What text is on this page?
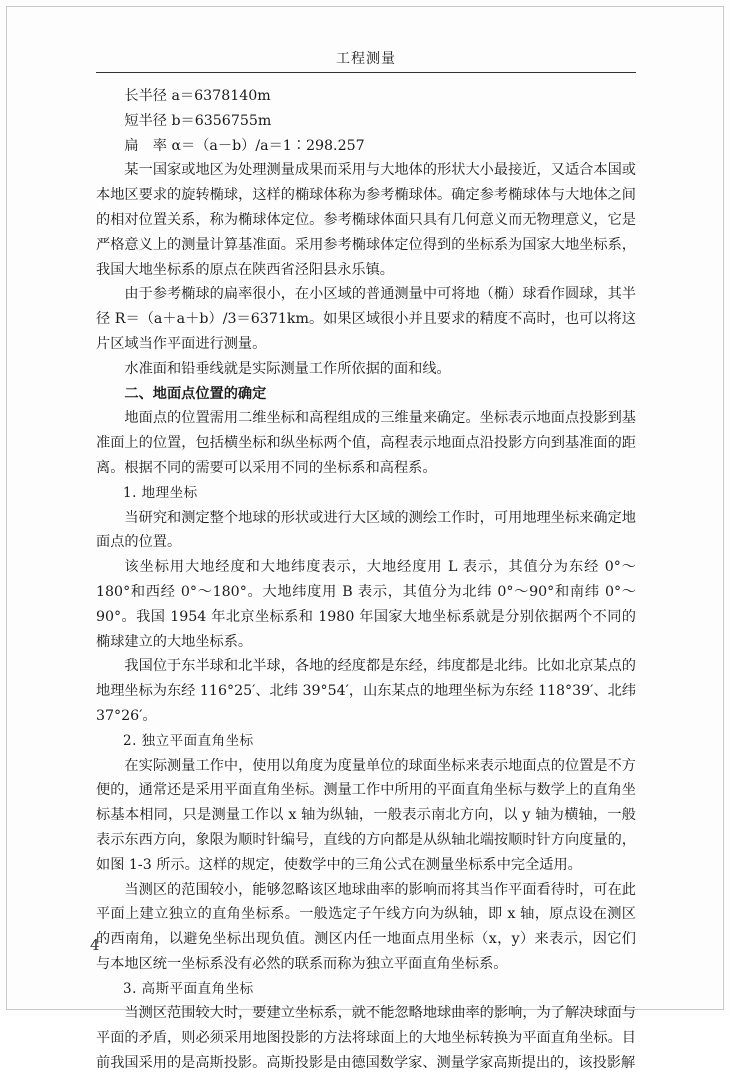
工程测量

长半径 a＝6378140m

短半径 b＝6356755m

扁　率 α＝（a－b）/a＝1∶298.257

某一国家或地区为处理测量成果而采用与大地体的形状大小最接近，又适合本国或本地区要求的旋转椭球，这样的椭球体称为参考椭球体。确定参考椭球体与大地体之间的相对位置关系，称为椭球体定位。参考椭球体面只具有几何意义而无物理意义，它是严格意义上的测量计算基准面。采用参考椭球体定位得到的坐标系为国家大地坐标系，我国大地坐标系的原点在陕西省泾阳县永乐镇。

由于参考椭球的扁率很小，在小区域的普通测量中可将地（椭）球看作圆球，其半径 R＝（a＋a＋b）/3＝6371km。如果区域很小并且要求的精度不高时，也可以将这片区域当作平面进行测量。

水准面和铅垂线就是实际测量工作所依据的面和线。

二、地面点位置的确定

地面点的位置需用二维坐标和高程组成的三维量来确定。坐标表示地面点投影到基准面上的位置，包括横坐标和纵坐标两个值，高程表示地面点沿投影方向到基准面的距离。根据不同的需要可以采用不同的坐标系和高程系。

1. 地理坐标

当研究和测定整个地球的形状或进行大区域的测绘工作时，可用地理坐标来确定地面点的位置。

该坐标用大地经度和大地纬度表示，大地经度用 L 表示，其值分为东经 0°～180°和西经 0°～180°。大地纬度用 B 表示，其值分为北纬 0°～90°和南纬 0°～90°。我国 1954 年北京坐标系和 1980 年国家大地坐标系就是分别依据两个不同的椭球建立的大地坐标系。

我国位于东半球和北半球，各地的经度都是东经，纬度都是北纬。比如北京某点的地理坐标为东经 116°25′、北纬 39°54′，山东某点的地理坐标为东经 118°39′、北纬 37°26′。

2. 独立平面直角坐标

在实际测量工作中，使用以角度为度量单位的球面坐标来表示地面点的位置是不方便的，通常还是采用平面直角坐标。测量工作中所用的平面直角坐标与数学上的直角坐标基本相同，只是测量工作以 x 轴为纵轴，一般表示南北方向，以 y 轴为横轴，一般表示东西方向，象限为顺时针编号，直线的方向都是从纵轴北端按顺时针方向度量的，如图 1-3 所示。这样的规定，使数学中的三角公式在测量坐标系中完全适用。

当测区的范围较小，能够忽略该区地球曲率的影响而将其当作平面看待时，可在此平面上建立独立的直角坐标系。一般选定子午线方向为纵轴，即 x 轴，原点设在测区的西南角，以避免坐标出现负值。测区内任一地面点用坐标（x，y）来表示，因它们与本地区统一坐标系没有必然的联系而称为独立平面直角坐标系。

3. 高斯平面直角坐标

当测区范围较大时，要建立坐标系，就不能忽略地球曲率的影响，为了解决球面与平面的矛盾，则必须采用地图投影的方法将球面上的大地坐标转换为平面直角坐标。目前我国采用的是高斯投影。高斯投影是由德国数学家、测量学家高斯提出的，该投影解

4
